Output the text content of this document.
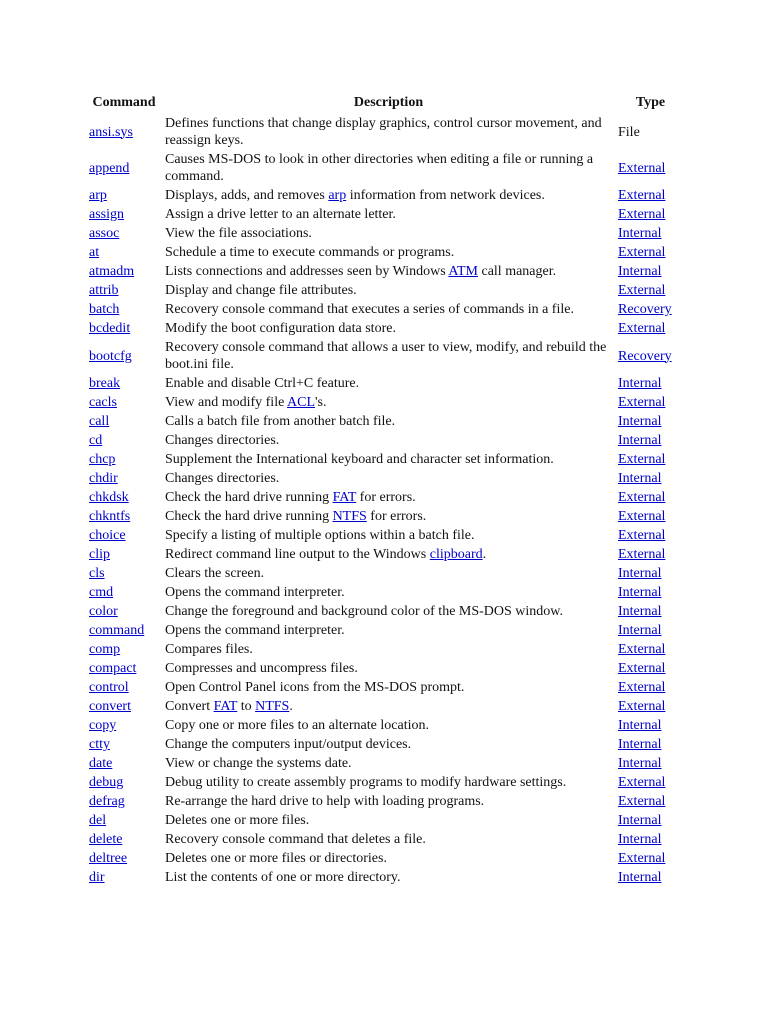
Command	Description	Type
ansi.sys	Defines functions that change display graphics, control cursor movement, and reassign keys.	File
append	Causes MS-DOS to look in other directories when editing a file or running a command.	External
arp	Displays, adds, and removes arp information from network devices.	External
assign	Assign a drive letter to an alternate letter.	External
assoc	View the file associations.	Internal
at	Schedule a time to execute commands or programs.	External
atmadm	Lists connections and addresses seen by Windows ATM call manager.	Internal
attrib	Display and change file attributes.	External
batch	Recovery console command that executes a series of commands in a file.	Recovery
bcdedit	Modify the boot configuration data store.	External
bootcfg	Recovery console command that allows a user to view, modify, and rebuild the boot.ini file.	Recovery
break	Enable and disable Ctrl+C feature.	Internal
cacls	View and modify file ACL's.	External
call	Calls a batch file from another batch file.	Internal
cd	Changes directories.	Internal
chcp	Supplement the International keyboard and character set information.	External
chdir	Changes directories.	Internal
chkdsk	Check the hard drive running FAT for errors.	External
chkntfs	Check the hard drive running NTFS for errors.	External
choice	Specify a listing of multiple options within a batch file.	External
clip	Redirect command line output to the Windows clipboard.	External
cls	Clears the screen.	Internal
cmd	Opens the command interpreter.	Internal
color	Change the foreground and background color of the MS-DOS window.	Internal
command	Opens the command interpreter.	Internal
comp	Compares files.	External
compact	Compresses and uncompress files.	External
control	Open Control Panel icons from the MS-DOS prompt.	External
convert	Convert FAT to NTFS.	External
copy	Copy one or more files to an alternate location.	Internal
ctty	Change the computers input/output devices.	Internal
date	View or change the systems date.	Internal
debug	Debug utility to create assembly programs to modify hardware settings.	External
defrag	Re-arrange the hard drive to help with loading programs.	External
del	Deletes one or more files.	Internal
delete	Recovery console command that deletes a file.	Internal
deltree	Deletes one or more files or directories.	External
dir	List the contents of one or more directory.	Internal
